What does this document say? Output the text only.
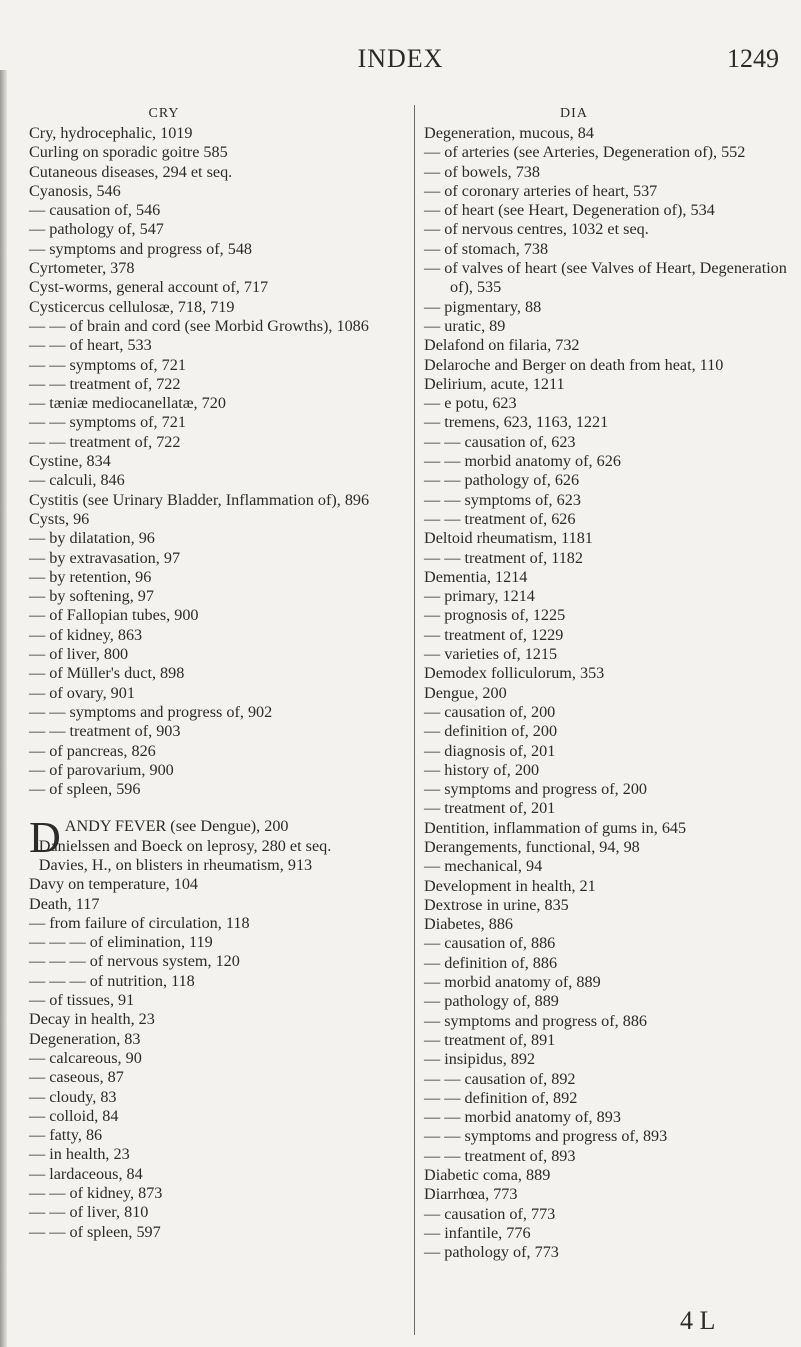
INDEX	1249
CRY

Cry, hydrocephalic, 1019

Curling on sporadic goitre 585

Cutaneous diseases, 294 et seq.

Cyanosis, 546

— causation of, 546

— pathology of, 547

— symptoms and progress of, 548

Cyrtometer, 378

Cyst-worms, general account of, 717

Cysticercus cellulosæ, 718, 719

— — of brain and cord (see Morbid Growths), 1086

— — of heart, 533

— — symptoms of, 721

— — treatment of, 722

— tæniæ mediocanellatæ, 720

— — symptoms of, 721

— — treatment of, 722

Cystine, 834

— calculi, 846

Cystitis (see Urinary Bladder, Inflammation of), 896

Cysts, 96

— by dilatation, 96

— by extravasation, 97

— by retention, 96

— by softening, 97

— of Fallopian tubes, 900

— of kidney, 863

— of liver, 800

— of Müller's duct, 898

— of ovary, 901

— — symptoms and progress of, 902

— — treatment of, 903

— of pancreas, 826

— of parovarium, 900

— of spleen, 596

DANDY FEVER (see Dengue), 200

Danielssen and Boeck on leprosy, 280 et seq.

Davies, H., on blisters in rheumatism, 913

Davy on temperature, 104

Death, 117

— from failure of circulation, 118

— — — of elimination, 119

— — — of nervous system, 120

— — — of nutrition, 118

— of tissues, 91

Decay in health, 23

Degeneration, 83

— calcareous, 90

— caseous, 87

— cloudy, 83

— colloid, 84

— fatty, 86

— in health, 23

— lardaceous, 84

— — of kidney, 873

— — of liver, 810

— — of spleen, 597

DIA

Degeneration, mucous, 84

— of arteries (see Arteries, Degeneration of), 552

— of bowels, 738

— of coronary arteries of heart, 537

— of heart (see Heart, Degeneration of), 534

— of nervous centres, 1032 et seq.

— of stomach, 738

— of valves of heart (see Valves of Heart, Degeneration of), 535

— pigmentary, 88

— uratic, 89

Delafond on filaria, 732

Delaroche and Berger on death from heat, 110

Delirium, acute, 1211

— e potu, 623

— tremens, 623, 1163, 1221

— — causation of, 623

— — morbid anatomy of, 626

— — pathology of, 626

— — symptoms of, 623

— — treatment of, 626

Deltoid rheumatism, 1181

— — treatment of, 1182

Dementia, 1214

— primary, 1214

— prognosis of, 1225

— treatment of, 1229

— varieties of, 1215

Demodex folliculorum, 353

Dengue, 200

— causation of, 200

— definition of, 200

— diagnosis of, 201

— history of, 200

— symptoms and progress of, 200

— treatment of, 201

Dentition, inflammation of gums in, 645

Derangements, functional, 94, 98

— mechanical, 94

Development in health, 21

Dextrose in urine, 835

Diabetes, 886

— causation of, 886

— definition of, 886

— morbid anatomy of, 889

— pathology of, 889

— symptoms and progress of, 886

— treatment of, 891

— insipidus, 892

— — causation of, 892

— — definition of, 892

— — morbid anatomy of, 893

— — symptoms and progress of, 893

— — treatment of, 893

Diabetic coma, 889

Diarrhœa, 773

— causation of, 773

— infantile, 776

— pathology of, 773

4 L
